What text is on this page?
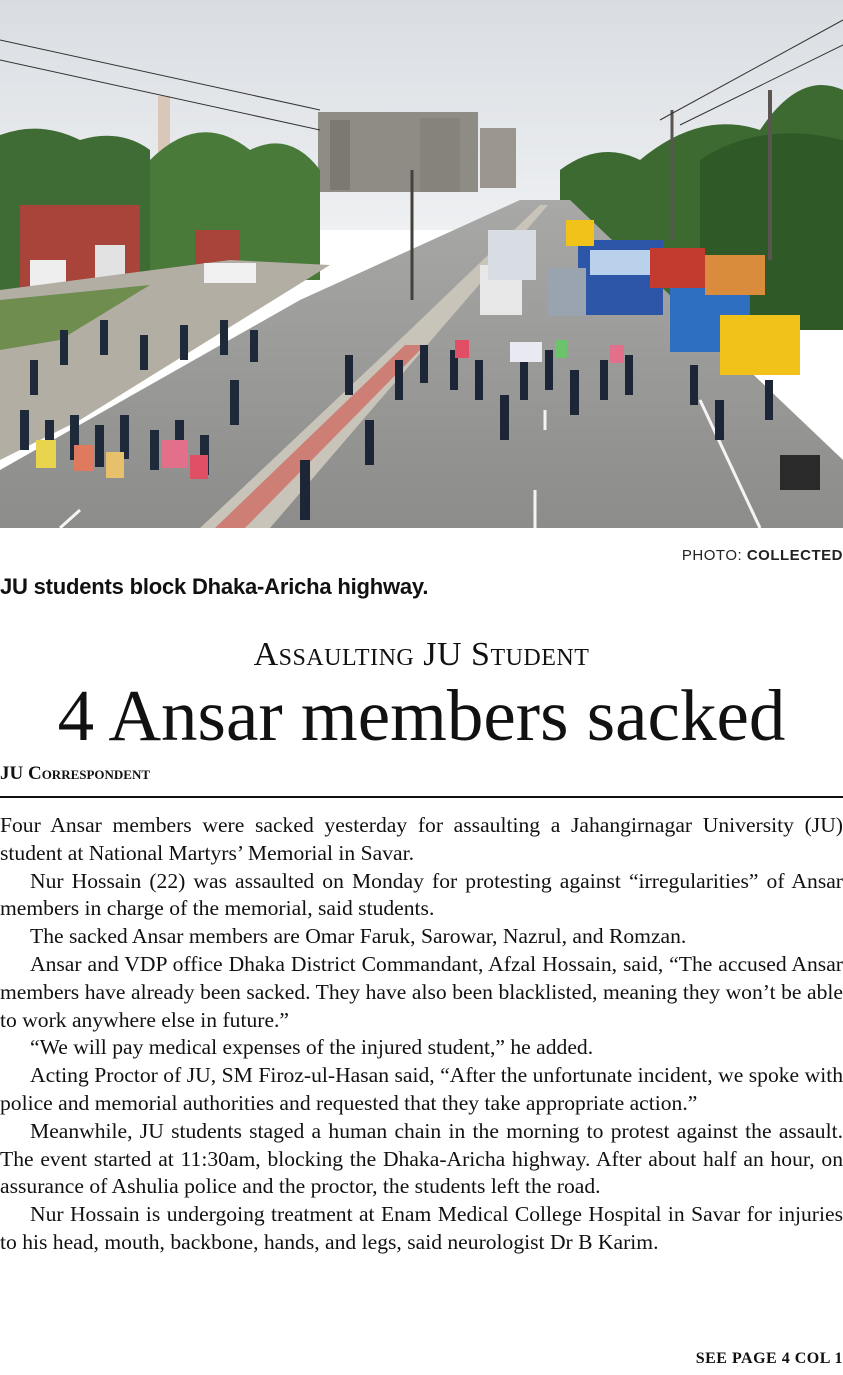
PHOTO: COLLECTED
JU students block Dhaka-Aricha highway.
Assaulting JU Student
4 Ansar members sacked
JU Correspondent

Four Ansar members were sacked yesterday for assaulting a Jahangirnagar University (JU) student at National Martyrs’ Memorial in Savar.

Nur Hossain (22) was assaulted on Monday for protesting against “irregularities” of Ansar members in charge of the memorial, said students.

The sacked Ansar members are Omar Faruk, Sarowar, Nazrul, and Romzan.

Ansar and VDP office Dhaka District Commandant, Afzal Hossain, said, “The accused Ansar members have already been sacked. They have also been blacklisted, meaning they won’t be able to work anywhere else in future.”

“We will pay medical expenses of the injured student,” he added.

Acting Proctor of JU, SM Firoz-ul-Hasan said, “After the unfortunate incident, we spoke with police and memorial authorities and requested that they take appropriate action.”

Meanwhile, JU students staged a human chain in the morning to protest against the assault. The event started at 11:30am, blocking the Dhaka-Aricha highway. After about half an hour, on assurance of Ashulia police and the proctor, the students left the road.

Nur Hossain is undergoing treatment at Enam Medical College Hospital in Savar for injuries to his head, mouth, backbone, hands, and legs, said neurologist Dr B Karim.

SEE PAGE 4 COL 1
